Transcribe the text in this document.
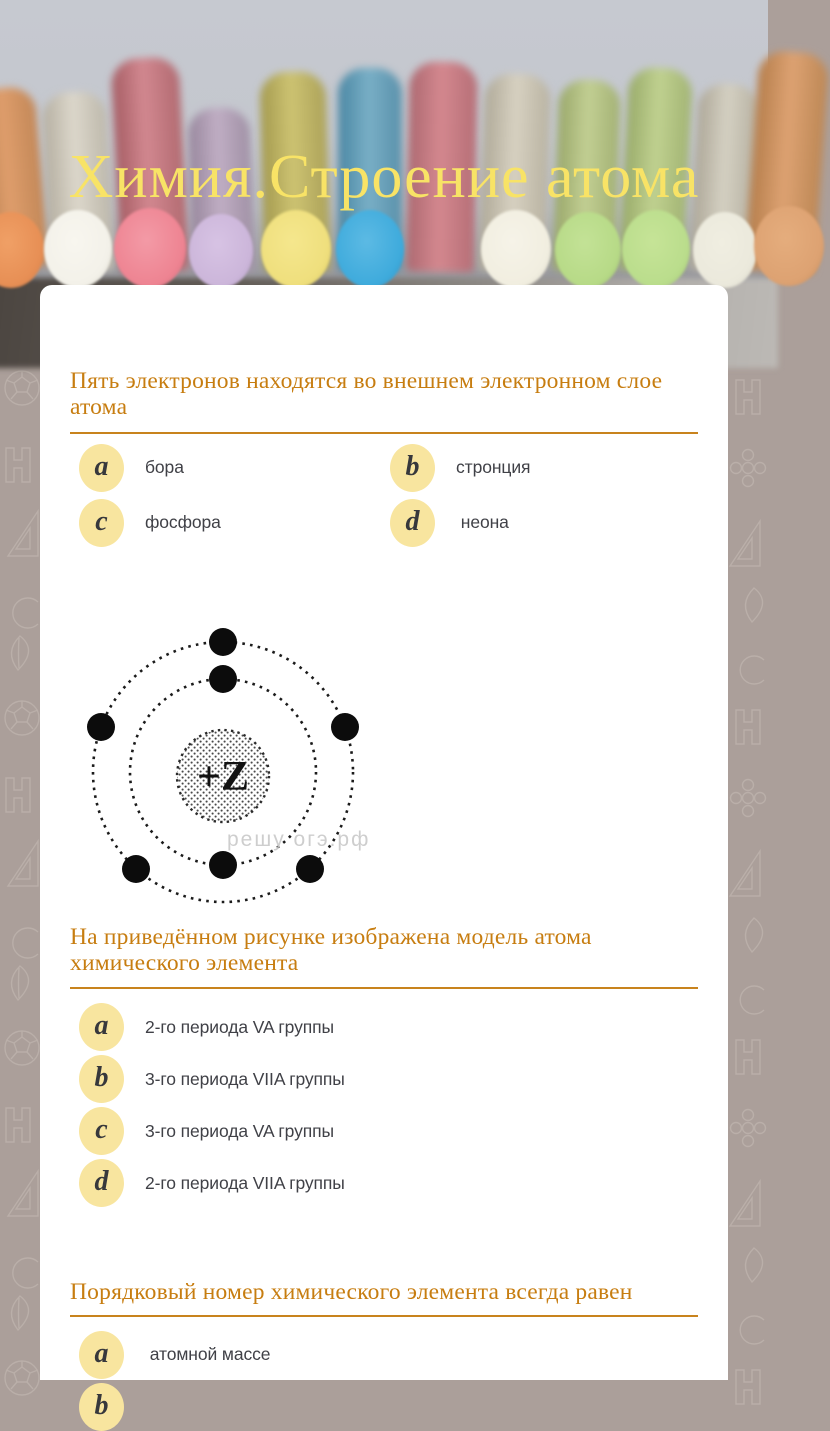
Химия.Строение атома
Пять электронов находятся во внешнем электронном слое атома
a бора	b стронция
c фосфора	d неона
+Z
решу огэ.рф
На приведённом рисунке изображена модель атома химического элемента
a 2-го периода VA группы
b 3-го периода VIIA группы
c 3-го периода VA группы
d 2-го периода VIIA группы
Порядковый номер химического элемента всегда равен
a атомной массе
b
